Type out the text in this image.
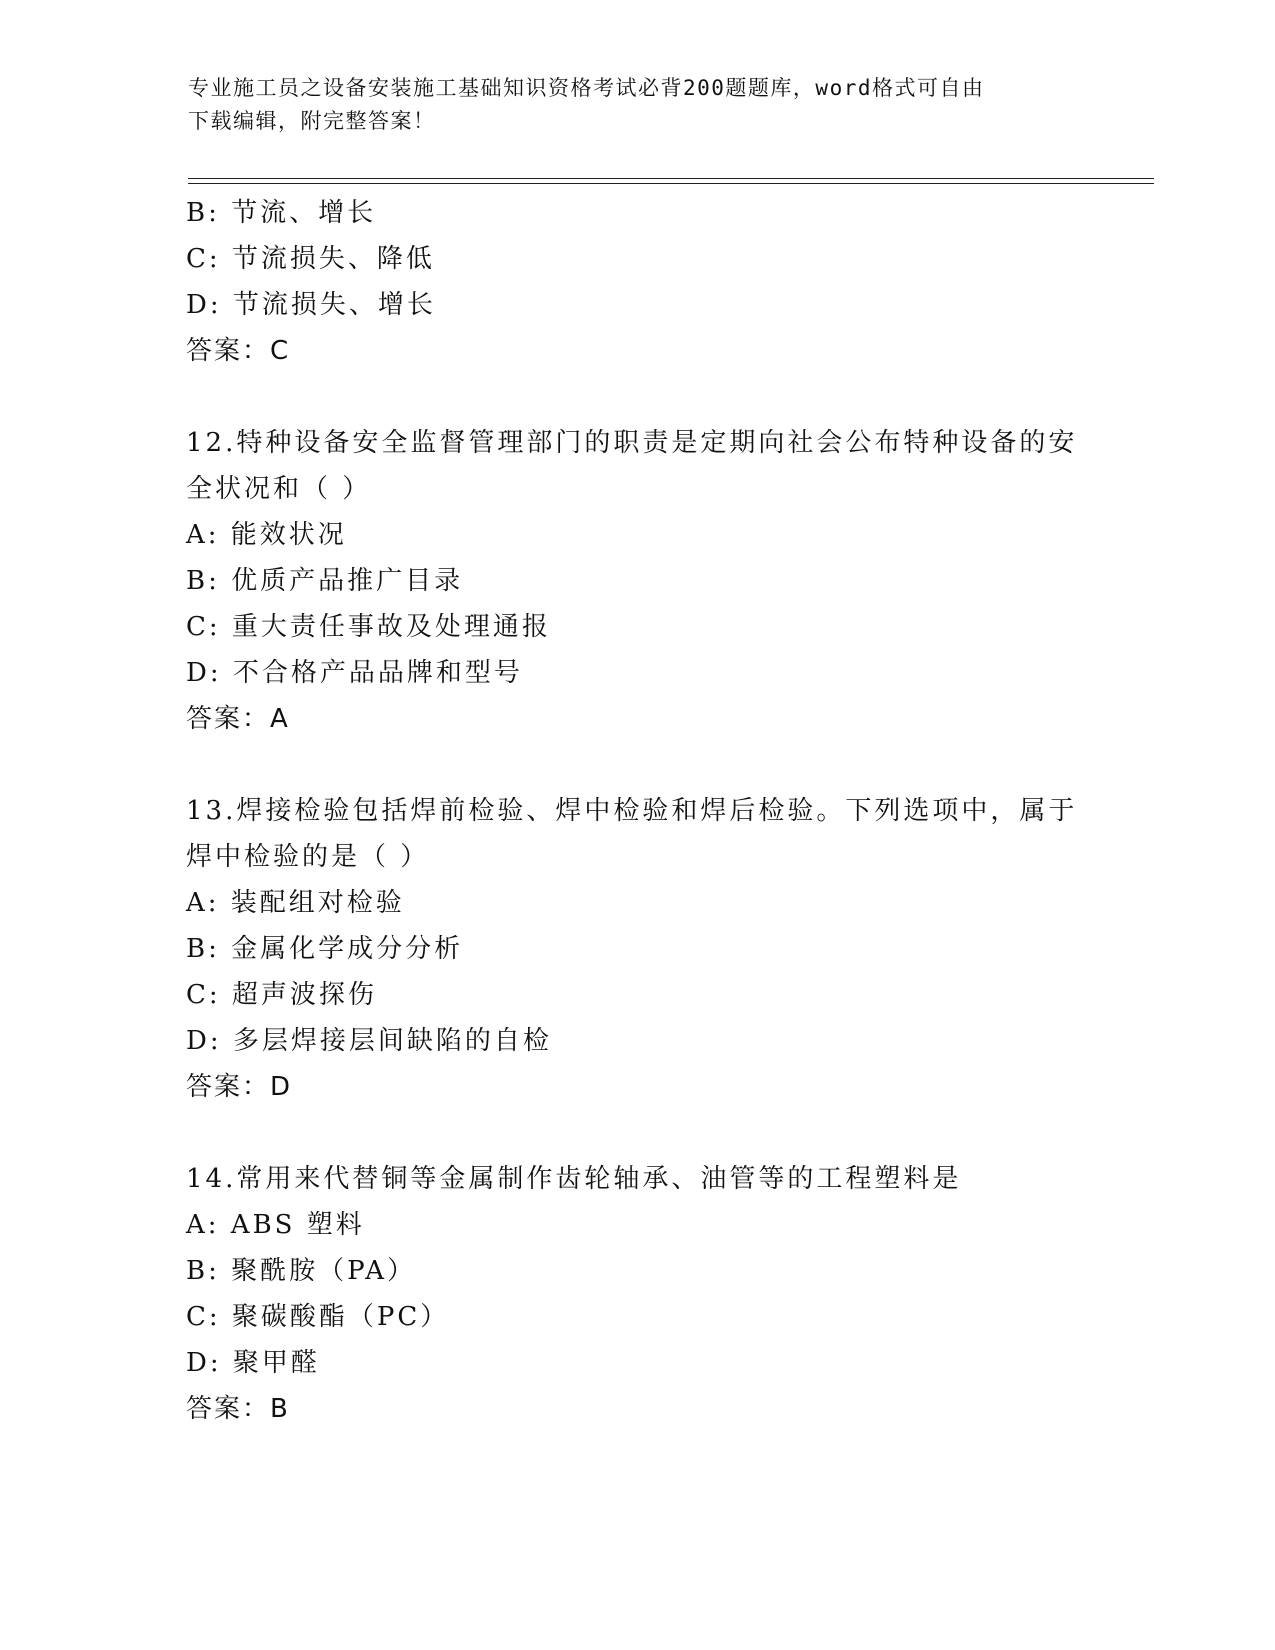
专业施工员之设备安装施工基础知识资格考试必背200题题库，word格式可自由
下载编辑，附完整答案！
B: 节流、增长
C: 节流损失、降低
D: 节流损失、增长
答案：C
12.特种设备安全监督管理部门的职责是定期向社会公布特种设备的安
全状况和（ ）
A: 能效状况
B: 优质产品推广目录
C: 重大责任事故及处理通报
D: 不合格产品品牌和型号
答案：A
13.焊接检验包括焊前检验、焊中检验和焊后检验。下列选项中，属于
焊中检验的是（ ）
A: 装配组对检验
B: 金属化学成分分析
C: 超声波探伤
D: 多层焊接层间缺陷的自检
答案：D
14.常用来代替铜等金属制作齿轮轴承、油管等的工程塑料是
A: ABS 塑料
B: 聚酰胺（PA）
C: 聚碳酸酯（PC）
D: 聚甲醛
答案：B
